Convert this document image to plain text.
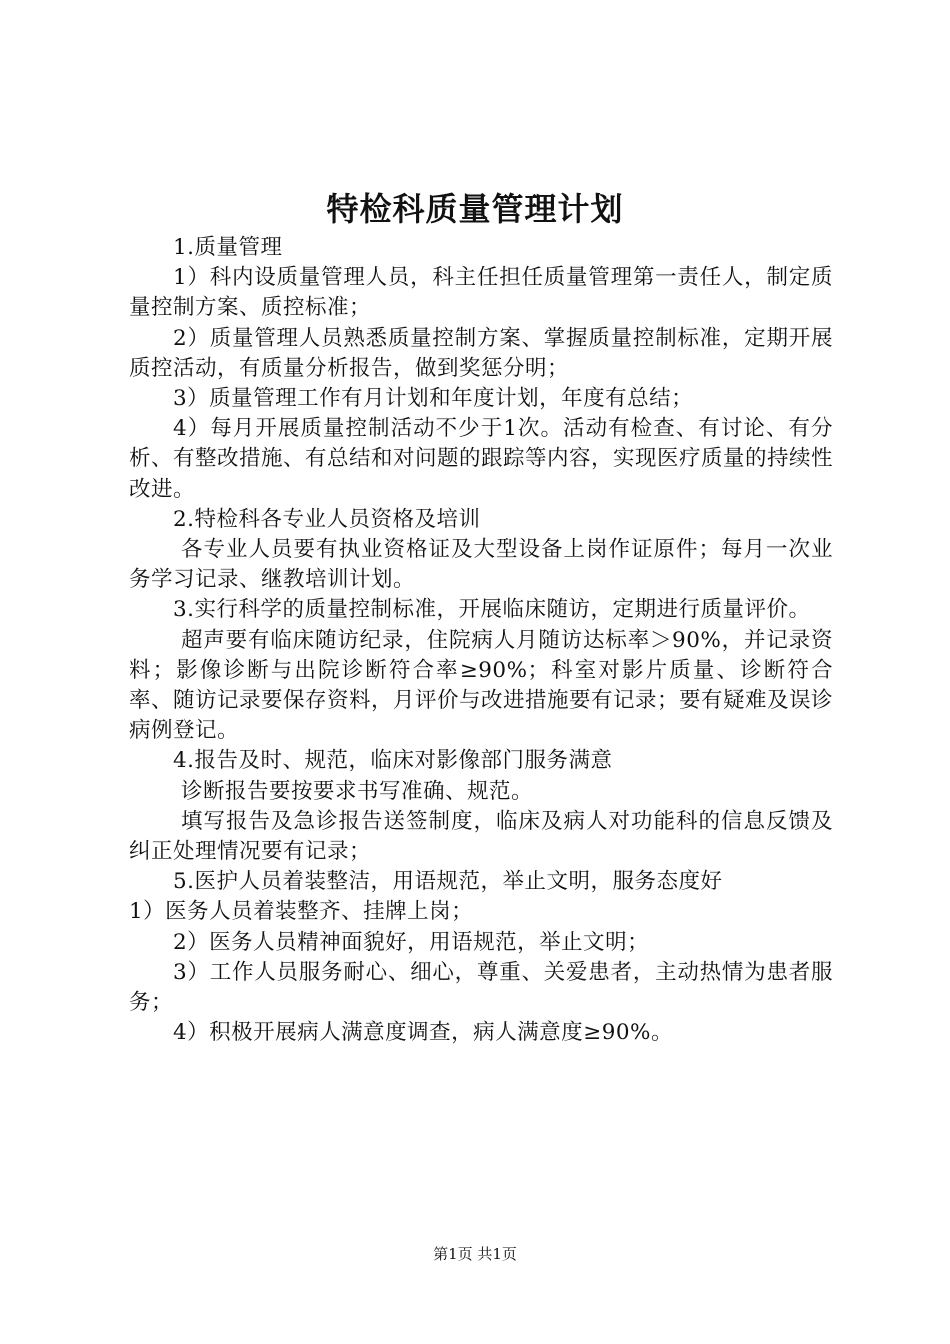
特检科质量管理计划

1.质量管理

1）科内设质量管理人员，科主任担任质量管理第一责任人，制定质量控制方案、质控标准；

2）质量管理人员熟悉质量控制方案、掌握质量控制标准，定期开展质控活动，有质量分析报告，做到奖惩分明；

3）质量管理工作有月计划和年度计划，年度有总结；

4）每月开展质量控制活动不少于1次。活动有检查、有讨论、有分析、有整改措施、有总结和对问题的跟踪等内容，实现医疗质量的持续性改进。

2.特检科各专业人员资格及培训

各专业人员要有执业资格证及大型设备上岗作证原件；每月一次业务学习记录、继教培训计划。

3.实行科学的质量控制标准，开展临床随访，定期进行质量评价。

超声要有临床随访纪录，住院病人月随访达标率＞90%，并记录资料；影像诊断与出院诊断符合率≥90%；科室对影片质量、诊断符合率、随访记录要保存资料，月评价与改进措施要有记录；要有疑难及误诊病例登记。

4.报告及时、规范，临床对影像部门服务满意

诊断报告要按要求书写准确、规范。

填写报告及急诊报告送签制度，临床及病人对功能科的信息反馈及纠正处理情况要有记录；

5.医护人员着装整洁，用语规范，举止文明，服务态度好

1）医务人员着装整齐、挂牌上岗；

2）医务人员精神面貌好，用语规范，举止文明；

3）工作人员服务耐心、细心，尊重、关爱患者，主动热情为患者服务；

4）积极开展病人满意度调查，病人满意度≥90%。

第1页 共1页
